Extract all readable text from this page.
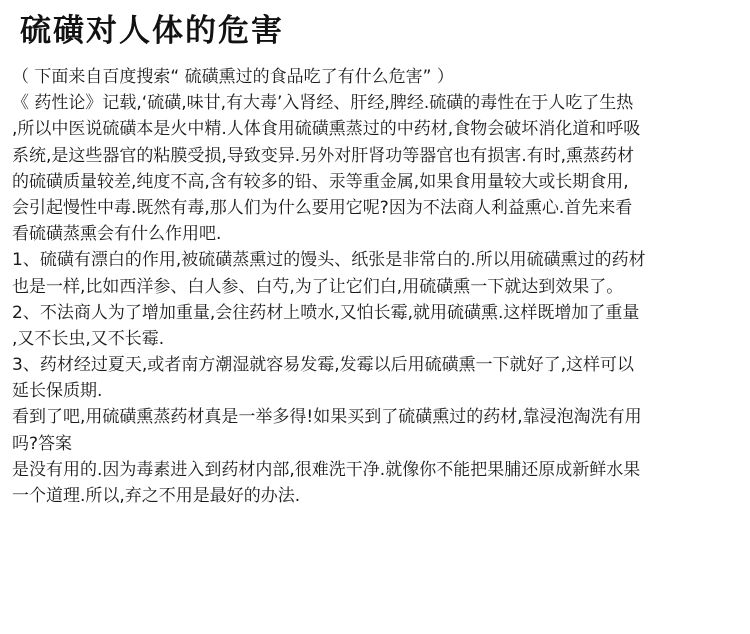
硫磺对人体的危害
（ 下面来自百度搜索“ 硫磺熏过的食品吃了有什么危害” ）
《 药性论》记载,‘硫磺,味甘,有大毒’入肾经、肝经,脾经.硫磺的毒性在于人吃了生热
,所以中医说硫磺本是火中精.人体食用硫磺熏蒸过的中药材,食物会破坏消化道和呼吸
系统,是这些器官的粘膜受损,导致变异.另外对肝肾功等器官也有损害.有时,熏蒸药材
的硫磺质量较差,纯度不高,含有较多的铅、汞等重金属,如果食用量较大或长期食用,
会引起慢性中毒.既然有毒,那人们为什么要用它呢?因为不法商人利益熏心.首先来看
看硫磺蒸熏会有什么作用吧.
1、硫磺有漂白的作用,被硫磺蒸熏过的馒头、纸张是非常白的.所以用硫磺熏过的药材
也是一样,比如西洋参、白人参、白芍,为了让它们白,用硫磺熏一下就达到效果了。
2、不法商人为了增加重量,会往药材上喷水,又怕长霉,就用硫磺熏.这样既增加了重量
,又不长虫,又不长霉.
3、药材经过夏天,或者南方潮湿就容易发霉,发霉以后用硫磺熏一下就好了,这样可以
延长保质期.
看到了吧,用硫磺熏蒸药材真是一举多得!如果买到了硫磺熏过的药材,靠浸泡淘洗有用
吗?答案
是没有用的.因为毒素进入到药材内部,很难洗干净.就像你不能把果脯还原成新鲜水果
一个道理.所以,弃之不用是最好的办法.
